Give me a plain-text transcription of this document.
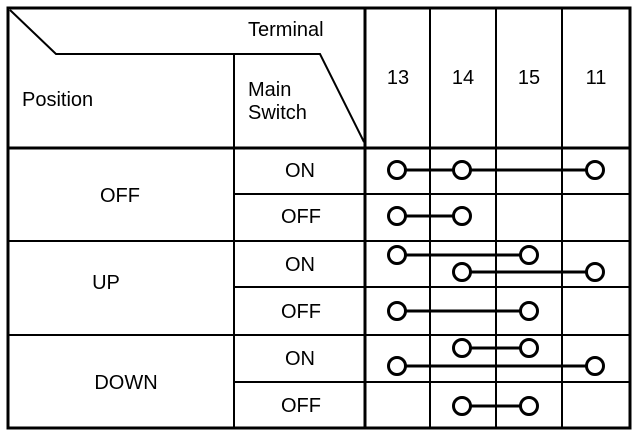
Terminal
Position	Main
Switch
13 14 15 11
OFF
UP
DOWN
ON
OFF
ON
OFF
ON
OFF
